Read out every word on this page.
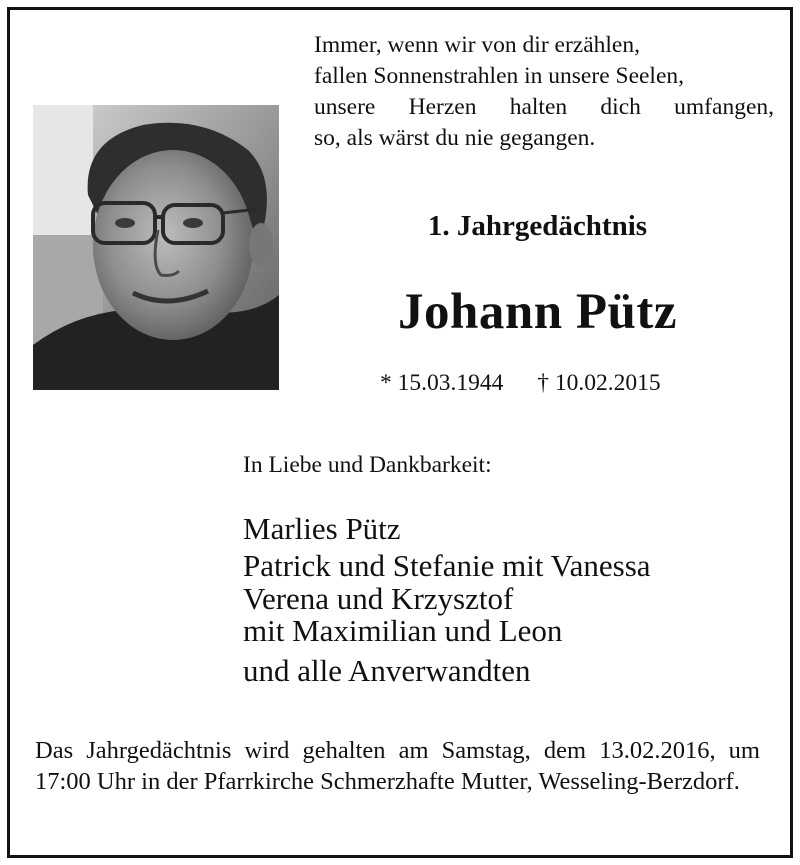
Immer, wenn wir von dir erzählen,
fallen Sonnenstrahlen in unsere Seelen,
unsere Herzen halten dich umfangen,
so, als wärst du nie gegangen.
1. Jahrgedächtnis
Johann Pütz
* 15.03.1944 † 10.02.2015
In Liebe und Dankbarkeit:
Marlies Pütz
Patrick und Stefanie mit Vanessa
Verena und Krzysztof
mit Maximilian und Leon
und alle Anverwandten
Das Jahrgedächtnis wird gehalten am Samstag, dem 13.02.2016, um 17:00 Uhr in der Pfarrkirche Schmerzhafte Mutter, Wesseling-Berzdorf.
